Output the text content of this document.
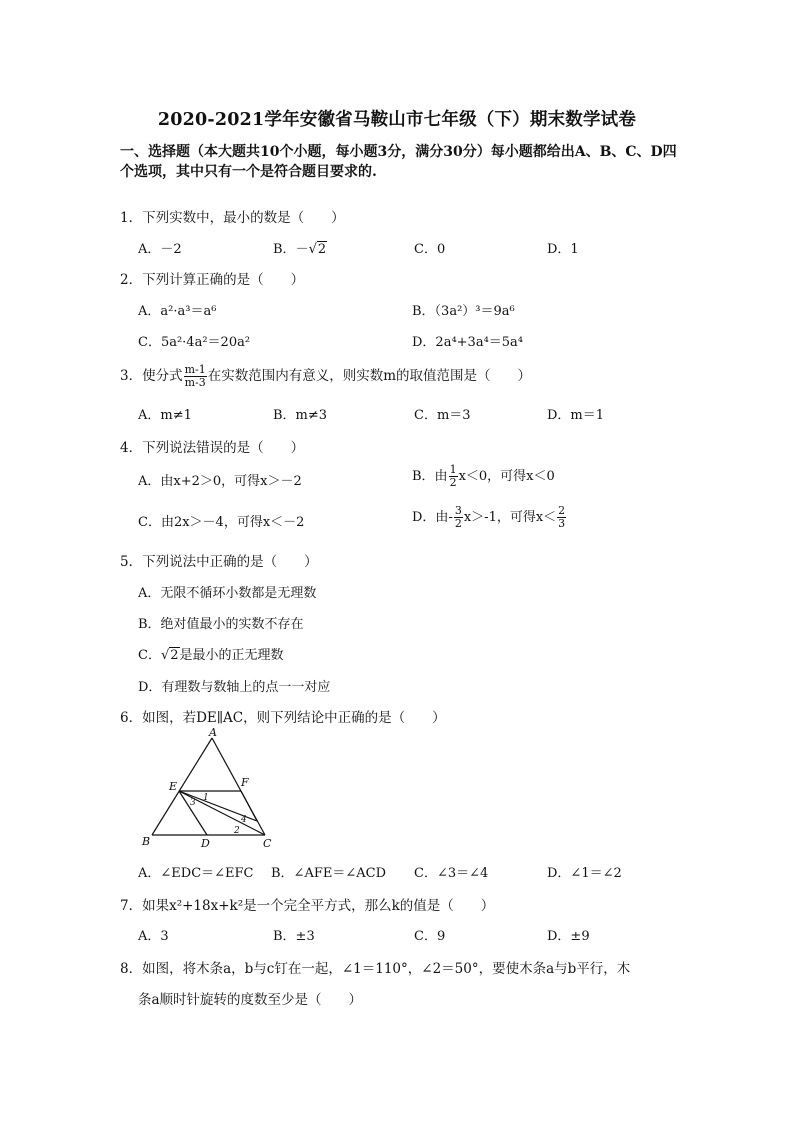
2020-2021学年安徽省马鞍山市七年级（下）期末数学试卷
一、选择题（本大题共10个小题，每小题3分，满分30分）每小题都给出A、B、C、D四个选项，其中只有一个是符合题目要求的.
1．下列实数中，最小的数是（　　）
A．－2	B．－√2	C．0	D．1
2．下列计算正确的是（　　）
A．a²·a³＝a⁶	B．（3a²）³＝9a⁶
C．5a²·4a²＝20a²	D．2a⁴+3a⁴＝5a⁴
3．使分式 $\frac{m-1}{m-3}$ 在实数范围内有意义，则实数m的取值范围是（　　）
A．m≠1	B．m≠3	C．m＝3	D．m＝1
4．下列说法错误的是（　　）
A．由x+2＞0，可得x＞－2	B．由 $\frac{1}{2} x<0$，可得x＜0
C．由2x＞－4，可得x＜－2	D．由- $\frac{3}{2} x>-1$，可得$x< \frac{2}{3}$
5．下列说法中正确的是（　　）
A．无限不循环小数都是无理数
B．绝对值最小的实数不存在
C．√2是最小的正无理数
D．有理数与数轴上的点一一对应
6．如图，若DE∥AC，则下列结论中正确的是（　　）
A
E	F
B	D	C
1
2
3
4
A．∠EDC＝∠EFC B．∠AFE＝∠ACD C．∠3＝∠4	D．∠1＝∠2
7．如果x²+18x+k²是一个完全平方式，那么k的值是（　　）
A．3	B．±3	C．9	D．±9
8．如图，将木条a，b与c钉在一起，∠1＝110°，∠2＝50°，要使木条a与b平行，木
条a顺时针旋转的度数至少是（　　）
